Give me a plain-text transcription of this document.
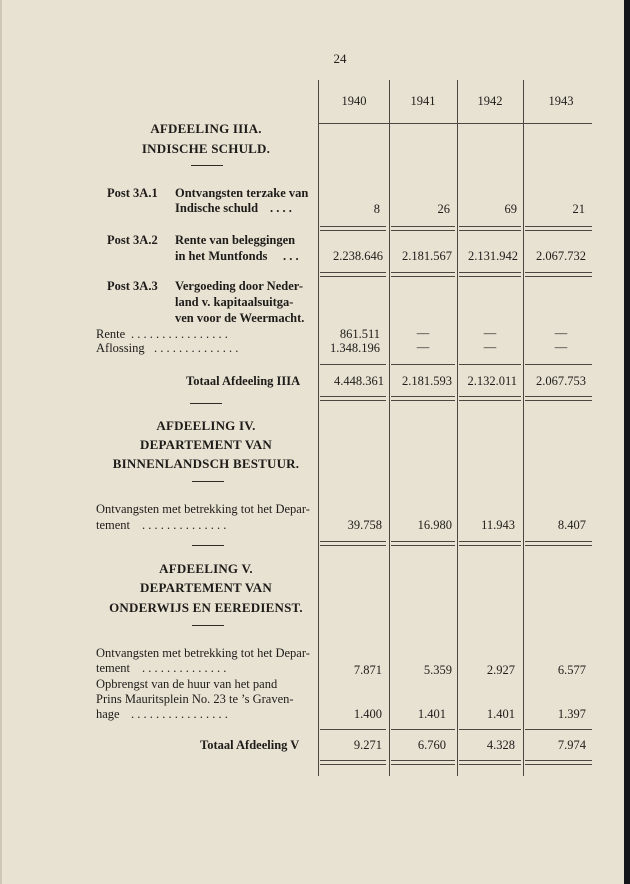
24
1940	1941	1942	1943
AFDEELING IIIA.
INDISCHE SCHULD.
Post 3A.1 Ontvangsten terzake van
Indische schuld . . . .	8	26	69	21
Post 3A.2 Rente van beleggingen
in het Muntfonds . . .	2.238.646	2.181.567	2.131.942	2.067.732
Post 3A.3 Vergoeding door Neder-
land v. kapitaalsuitga-
ven voor de Weermacht.
Rente . . . . . . . . . . . . . . . .	861.511	—	—	—
Aflossing . . . . . . . . . . . . . .	1.348.196	—	—	—
Totaal Afdeeling IIIA	4.448.361	2.181.593	2.132.011	2.067.753
AFDEELING IV.
DEPARTEMENT VAN
BINNENLANDSCH BESTUUR.
Ontvangsten met betrekking tot het Depar-
tement . . . . . . . . . . . . . .	39.758	16.980	11.943	8.407
AFDEELING V.
DEPARTEMENT VAN
ONDERWIJS EN EEREDIENST.
Ontvangsten met betrekking tot het Depar-
tement . . . . . . . . . . . . . .	7.871	5.359	2.927	6.577
Opbrengst van de huur van het pand
Prins Mauritsplein No. 23 te ’s Graven-
hage . . . . . . . . . . . . . . . .	1.400	1.401	1.401	1.397
Totaal Afdeeling V	9.271	6.760	4.328	7.974
